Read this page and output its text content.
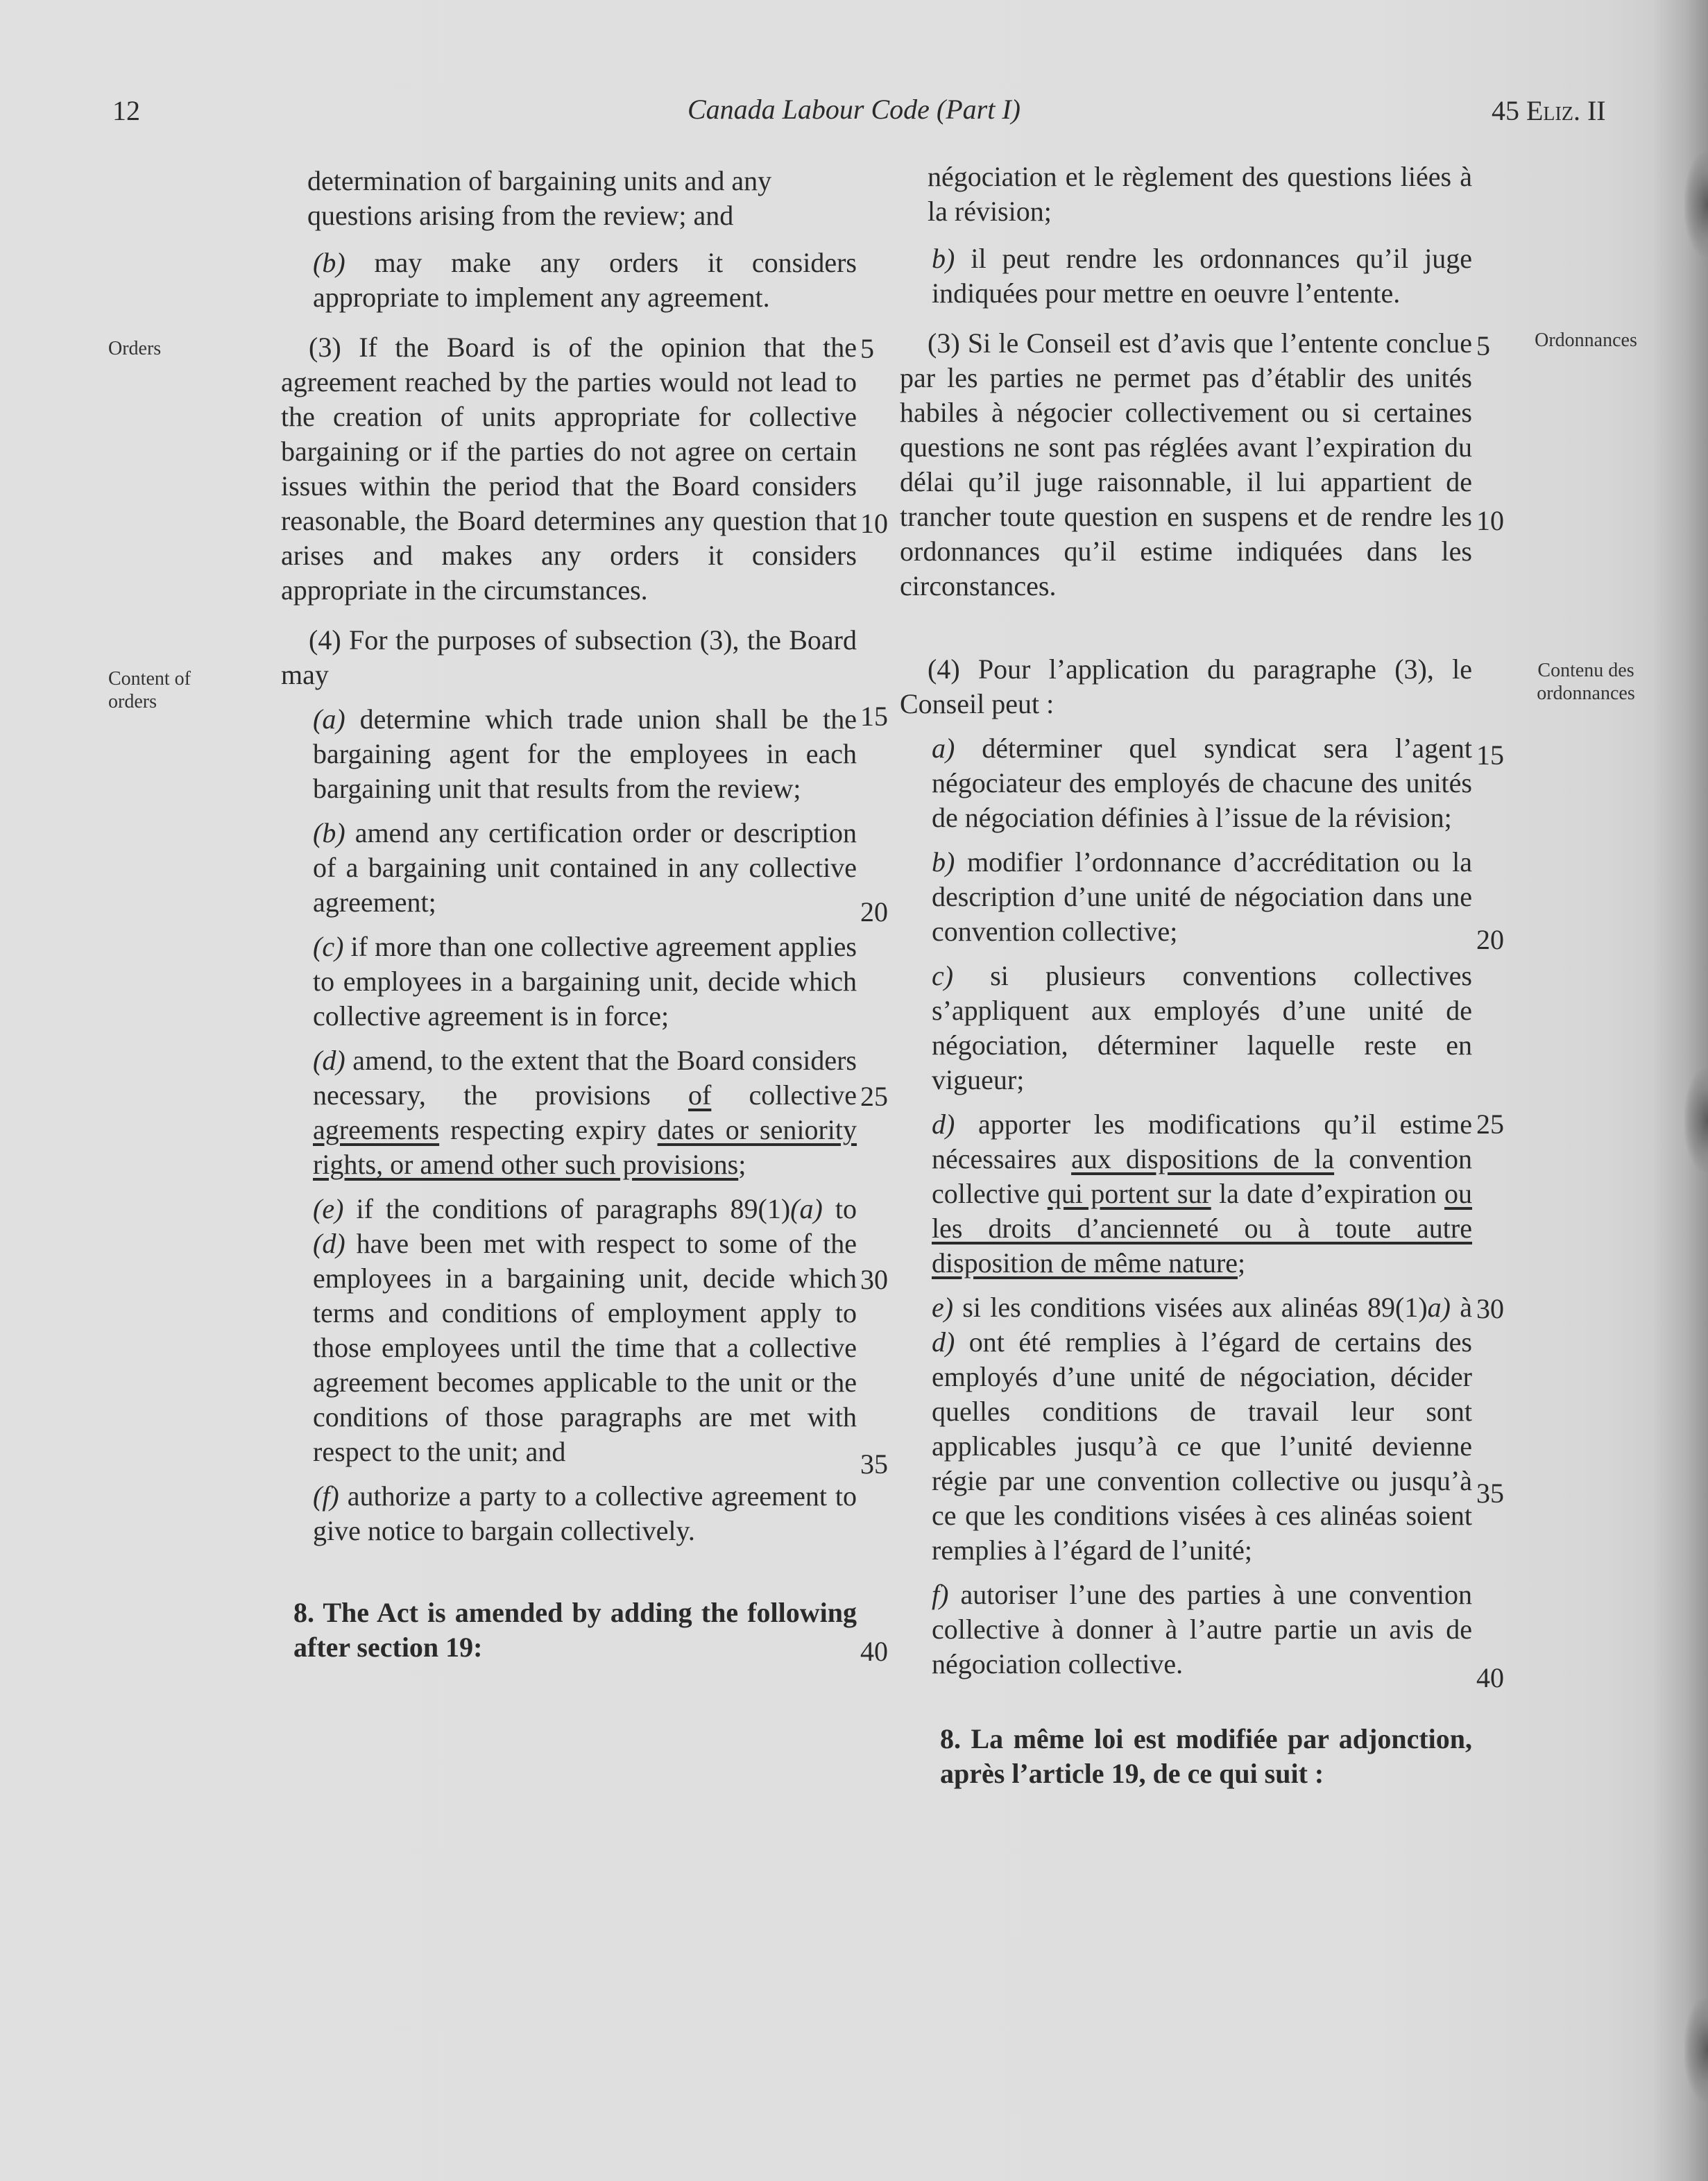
12	Canada Labour Code (Part I)	45 Eliz. II
Orders
Content of orders
Ordonnances
Contenu des ordonnances

determination of bargaining units and any
questions arising from the review; and

(b) may make any orders it considers appropriate to implement any agreement.

(3) If the Board is of the opinion that the agreement reached by the parties would not lead to the creation of units appropriate for collective bargaining or if the parties do not agree on certain issues within the period that the Board considers reasonable, the Board determines any question that arises and makes any orders it considers appropriate in the circumstances.

(4) For the purposes of subsection (3), the Board may

(a) determine which trade union shall be the bargaining agent for the employees in each bargaining unit that results from the review;

(b) amend any certification order or description of a bargaining unit contained in any collective agreement;

(c) if more than one collective agreement applies to employees in a bargaining unit, decide which collective agreement is in force;

(d) amend, to the extent that the Board considers necessary, the provisions of collective agreements respecting expiry dates or seniority rights, or amend other such provisions;

(e) if the conditions of paragraphs 89(1)(a) to (d) have been met with respect to some of the employees in a bargaining unit, decide which terms and conditions of employment apply to those employees until the time that a collective agreement becomes applicable to the unit or the conditions of those paragraphs are met with respect to the unit; and

(f) authorize a party to a collective agreement to give notice to bargain collectively.

8. The Act is amended by adding the following after section 19:

négociation et le règlement des questions liées à la révision;

b) il peut rendre les ordonnances qu’il juge indiquées pour mettre en oeuvre l’entente.

(3) Si le Conseil est d’avis que l’entente conclue par les parties ne permet pas d’établir des unités habiles à négocier collectivement ou si certaines questions ne sont pas réglées avant l’expiration du délai qu’il juge raisonnable, il lui appartient de trancher toute question en suspens et de rendre les ordonnances qu’il estime indiquées dans les circonstances.

(4) Pour l’application du paragraphe (3), le Conseil peut :

a) déterminer quel syndicat sera l’agent négociateur des employés de chacune des unités de négociation définies à l’issue de la révision;

b) modifier l’ordonnance d’accréditation ou la description d’une unité de négociation dans une convention collective;

c) si plusieurs conventions collectives s’appliquent aux employés d’une unité de négociation, déterminer laquelle reste en vigueur;

d) apporter les modifications qu’il estime nécessaires aux dispositions de la convention collective qui portent sur la date d’expiration ou les droits d’ancienneté ou à toute autre disposition de même nature;

e) si les conditions visées aux alinéas 89(1)a) à d) ont été remplies à l’égard de certains des employés d’une unité de négociation, décider quelles conditions de travail leur sont applicables jusqu’à ce que l’unité devienne régie par une convention collective ou jusqu’à ce que les conditions visées à ces alinéas soient remplies à l’égard de l’unité;

f) autoriser l’une des parties à une convention collective à donner à l’autre partie un avis de négociation collective.

8. La même loi est modifiée par adjonction, après l’article 19, de ce qui suit :

5
10
15
20
25
30
35
40
5
10
15
20
25
30
35
40
